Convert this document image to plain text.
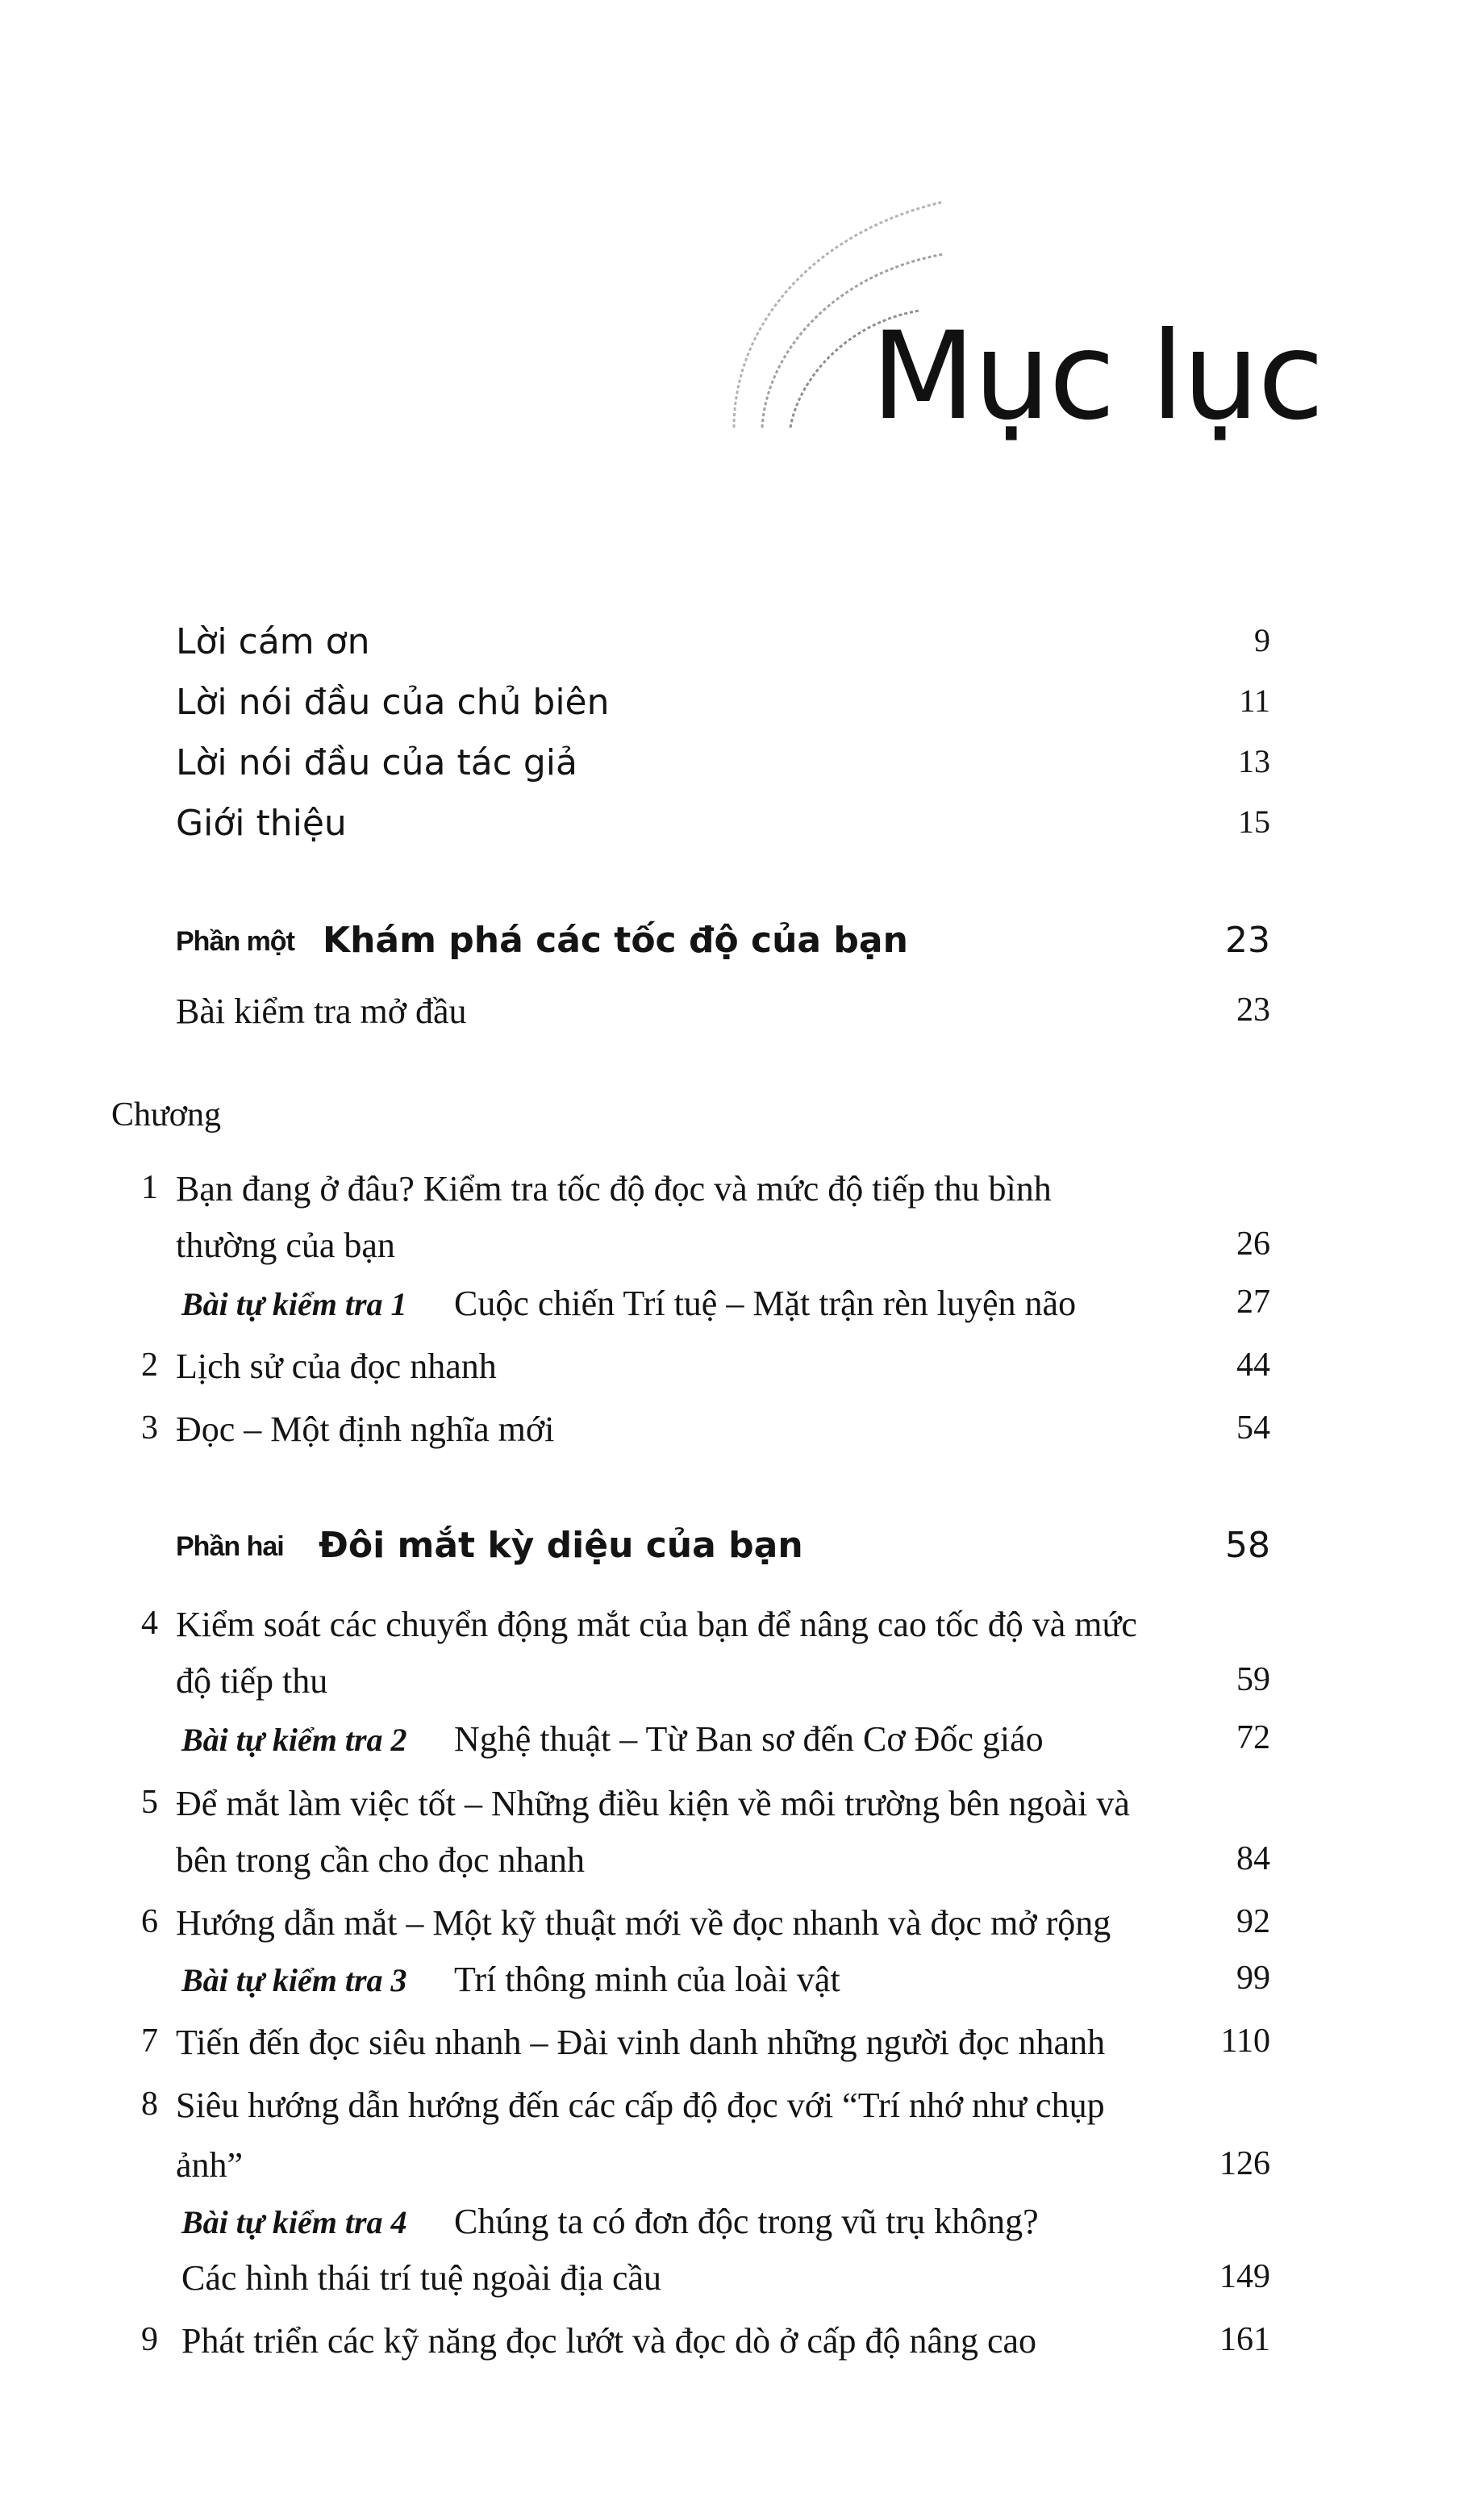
Mục lục
Lời cám ơn	9
Lời nói đầu của chủ biên	11
Lời nói đầu của tác giả	13
Giới thiệu	15
Phần một Khám phá các tốc độ của bạn	23
Bài kiểm tra mở đầu	23
Chương
1 Bạn đang ở đâu? Kiểm tra tốc độ đọc và mức độ tiếp thu bình
thường của bạn	26
Bài tự kiểm tra 1 Cuộc chiến Trí tuệ – Mặt trận rèn luyện não	27
2 Lịch sử của đọc nhanh	44
3 Đọc – Một định nghĩa mới	54
Phần hai Đôi mắt kỳ diệu của bạn	58
4 Kiểm soát các chuyển động mắt của bạn để nâng cao tốc độ và mức
độ tiếp thu	59
Bài tự kiểm tra 2 Nghệ thuật – Từ Ban sơ đến Cơ Đốc giáo	72
5 Để mắt làm việc tốt – Những điều kiện về môi trường bên ngoài và
bên trong cần cho đọc nhanh	84
6 Hướng dẫn mắt – Một kỹ thuật mới về đọc nhanh và đọc mở rộng	92
Bài tự kiểm tra 3 Trí thông minh của loài vật	99
7 Tiến đến đọc siêu nhanh – Đài vinh danh những người đọc nhanh	110
8 Siêu hướng dẫn hướng đến các cấp độ đọc với “Trí nhớ như chụp
ảnh”	126
Bài tự kiểm tra 4 Chúng ta có đơn độc trong vũ trụ không?
Các hình thái trí tuệ ngoài địa cầu	149
9 Phát triển các kỹ năng đọc lướt và đọc dò ở cấp độ nâng cao	161
